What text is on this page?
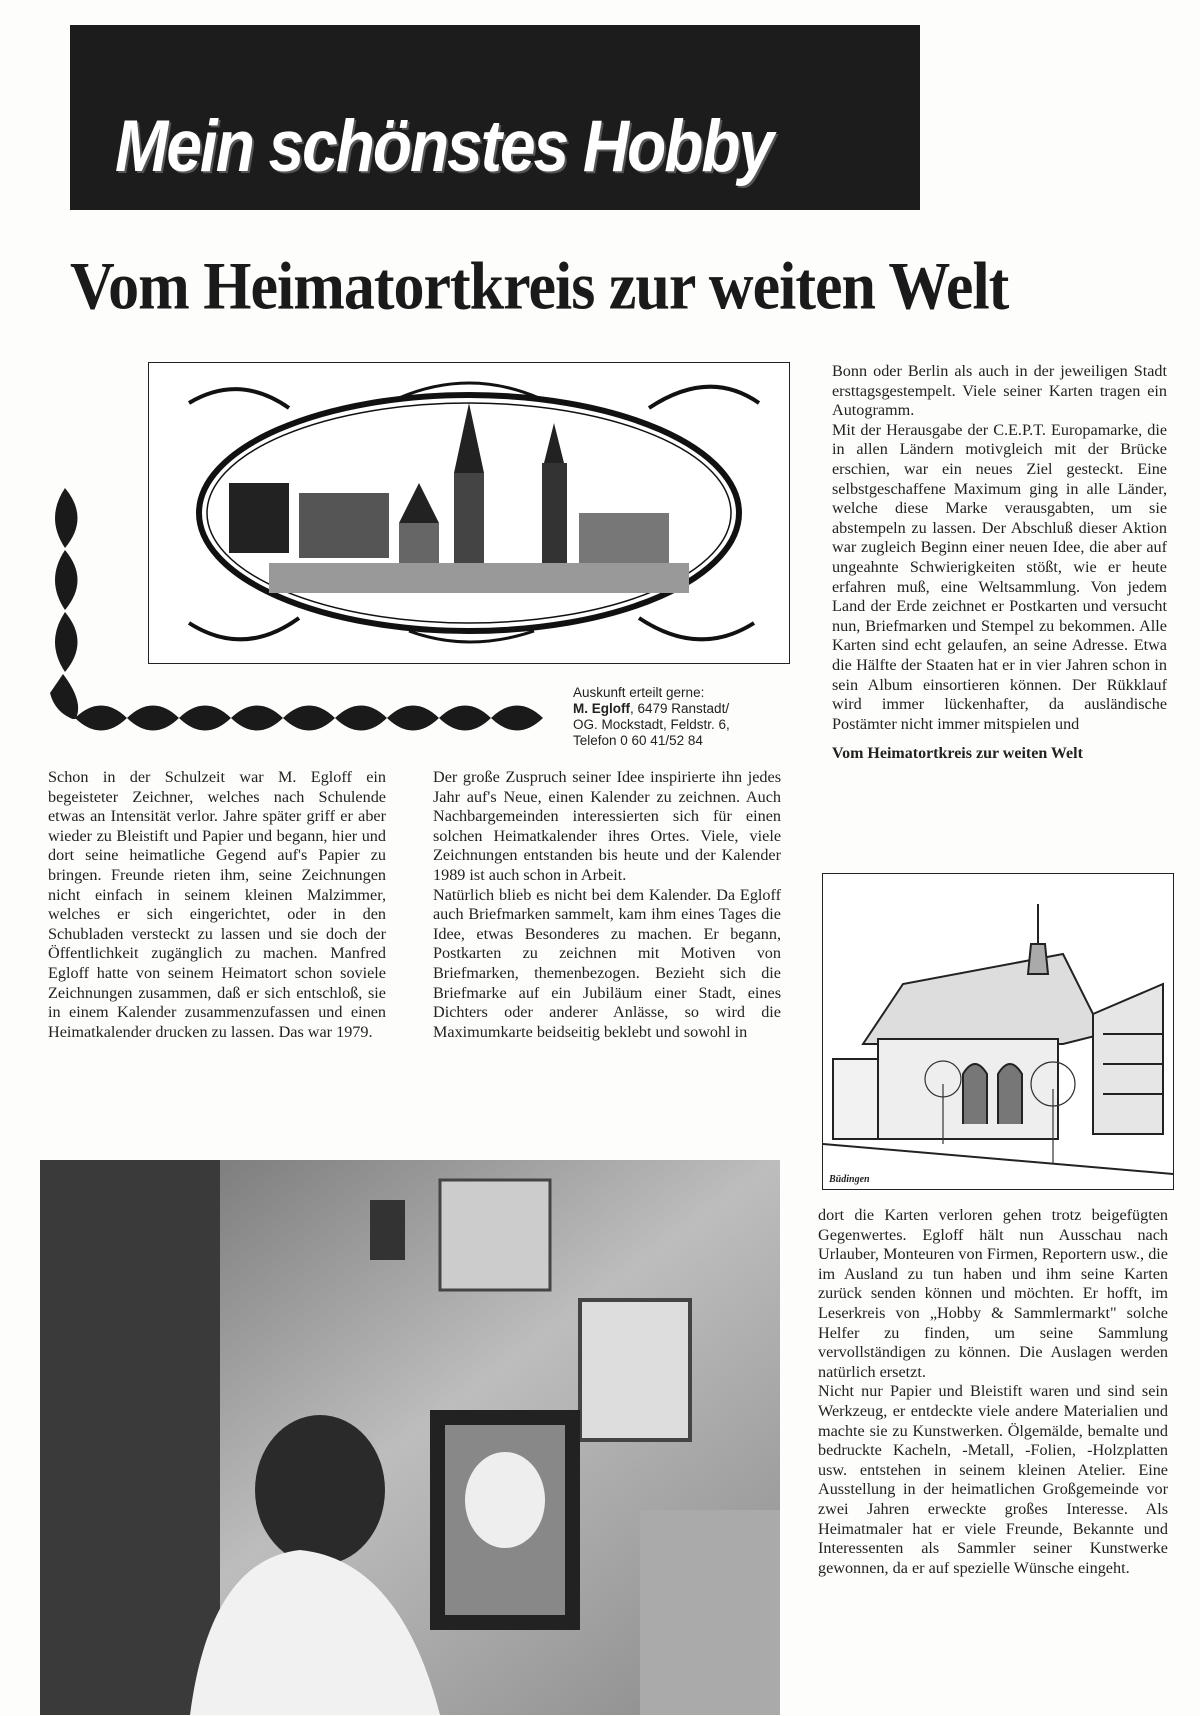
Mein schönstes Hobby
Vom Heimatortkreis zur weiten Welt
Auskunft erteilt gerne:
M. Egloff, 6479 Ranstadt/
OG. Mockstadt, Feldstr. 6,
Telefon 0 60 41/52 84

Schon in der Schulzeit war M. Egloff ein begeisteter Zeichner, welches nach Schulende etwas an Intensität verlor. Jahre später griff er aber wieder zu Bleistift und Papier und begann, hier und dort seine heimatliche Gegend auf's Papier zu bringen. Freunde rieten ihm, seine Zeichnungen nicht einfach in seinem kleinen Malzimmer, welches er sich eingerichtet, oder in den Schubladen versteckt zu lassen und sie doch der Öffentlichkeit zugänglich zu machen. Manfred Egloff hatte von seinem Heimatort schon soviele Zeichnungen zusammen, daß er sich entschloß, sie in einem Kalender zusammenzufassen und einen Heimatkalender drucken zu lassen. Das war 1979.

Der große Zuspruch seiner Idee inspirierte ihn jedes Jahr auf's Neue, einen Kalender zu zeichnen. Auch Nachbargemeinden interessierten sich für einen solchen Heimatkalender ihres Ortes. Viele, viele Zeichnungen entstanden bis heute und der Kalender 1989 ist auch schon in Arbeit.

Natürlich blieb es nicht bei dem Kalender. Da Egloff auch Briefmarken sammelt, kam ihm eines Tages die Idee, etwas Besonderes zu machen. Er begann, Postkarten zu zeichnen mit Motiven von Briefmarken, themenbezogen. Bezieht sich die Briefmarke auf ein Jubiläum einer Stadt, eines Dichters oder anderer Anlässe, so wird die Maximumkarte beidseitig beklebt und sowohl in

Bonn oder Berlin als auch in der jeweiligen Stadt ersttagsgestempelt. Viele seiner Karten tragen ein Autogramm.

Mit der Herausgabe der C.E.P.T. Europamarke, die in allen Ländern motivgleich mit der Brücke erschien, war ein neues Ziel gesteckt. Eine selbstgeschaffene Maximum ging in alle Länder, welche diese Marke verausgabten, um sie abstempeln zu lassen. Der Abschluß dieser Aktion war zugleich Beginn einer neuen Idee, die aber auf ungeahnte Schwierigkeiten stößt, wie er heute erfahren muß, eine Weltsammlung. Von jedem Land der Erde zeichnet er Postkarten und versucht nun, Briefmarken und Stempel zu bekommen. Alle Karten sind echt gelaufen, an seine Adresse. Etwa die Hälfte der Staaten hat er in vier Jahren schon in sein Album einsortieren können. Der Rükklauf wird immer lückenhafter, da ausländische Postämter nicht immer mitspielen und

Vom Heimatortkreis zur weiten Welt

Büdingen

dort die Karten verloren gehen trotz beigefügten Gegenwertes. Egloff hält nun Ausschau nach Urlauber, Monteuren von Firmen, Reportern usw., die im Ausland zu tun haben und ihm seine Karten zurück senden können und möchten. Er hofft, im Leserkreis von „Hobby & Sammlermarkt" solche Helfer zu finden, um seine Sammlung vervollständigen zu können. Die Auslagen werden natürlich ersetzt.

Nicht nur Papier und Bleistift waren und sind sein Werkzeug, er entdeckte viele andere Materialien und machte sie zu Kunstwerken. Ölgemälde, bemalte und bedruckte Kacheln, -Metall, -Folien, -Holzplatten usw. entstehen in seinem kleinen Atelier. Eine Ausstellung in der heimatlichen Großgemeinde vor zwei Jahren erweckte großes Interesse. Als Heimatmaler hat er viele Freunde, Bekannte und Interessenten als Sammler seiner Kunstwerke gewonnen, da er auf spezielle Wünsche eingeht.
